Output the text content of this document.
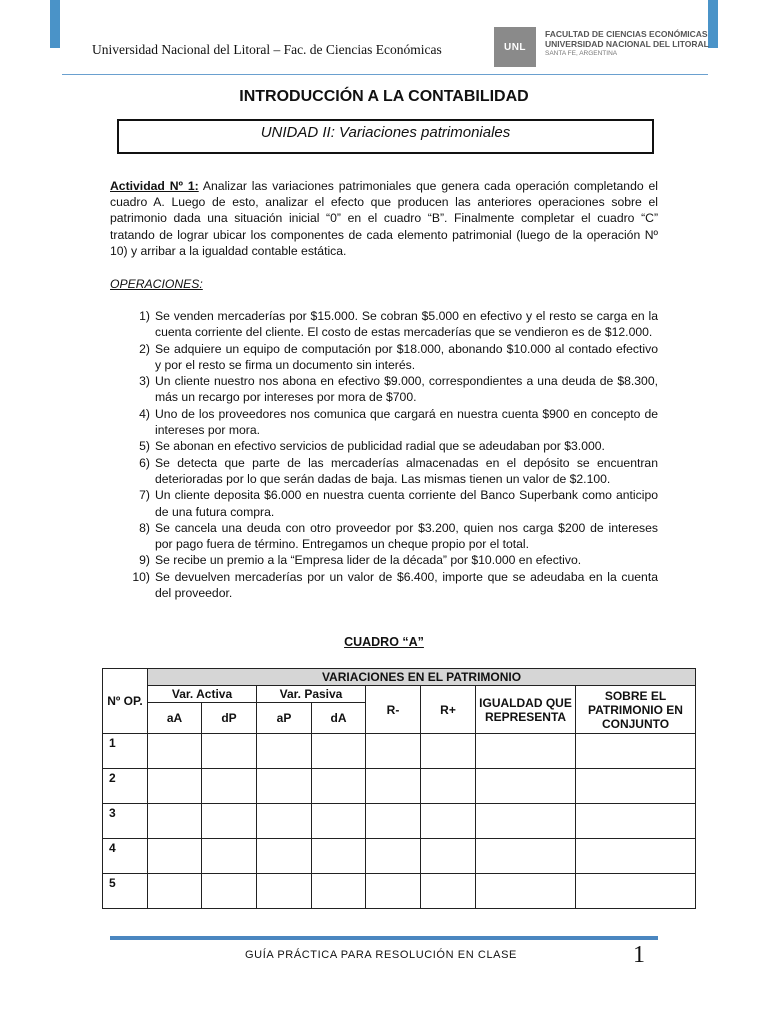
Universidad Nacional del Litoral – Fac. de Ciencias Económicas	UNL
FACULTAD DE CIENCIAS ECONÓMICAS
UNIVERSIDAD NACIONAL DEL LITORAL
SANTA FE, ARGENTINA
INTRODUCCIÓN A LA CONTABILIDAD
UNIDAD II: Variaciones patrimoniales
Actividad Nº 1: Analizar las variaciones patrimoniales que genera cada operación completando el cuadro A. Luego de esto, analizar el efecto que producen las anteriores operaciones sobre el patrimonio dada una situación inicial “0” en el cuadro “B”. Finalmente completar el cuadro “C” tratando de lograr ubicar los componentes de cada elemento patrimonial (luego de la operación Nº 10) y arribar a la igualdad contable estática.
OPERACIONES:
1) Se venden mercaderías por $15.000. Se cobran $5.000 en efectivo y el resto se carga en la cuenta corriente del cliente. El costo de estas mercaderías que se vendieron es de $12.000.
2) Se adquiere un equipo de computación por $18.000, abonando $10.000 al contado efectivo y por el resto se firma un documento sin interés.
3) Un cliente nuestro nos abona en efectivo $9.000, correspondientes a una deuda de $8.300, más un recargo por intereses por mora de $700.
4) Uno de los proveedores nos comunica que cargará en nuestra cuenta $900 en concepto de intereses por mora.
5) Se abonan en efectivo servicios de publicidad radial que se adeudaban por $3.000.
6) Se detecta que parte de las mercaderías almacenadas en el depósito se encuentran deterioradas por lo que serán dadas de baja. Las mismas tienen un valor de $2.100.
7) Un cliente deposita $6.000 en nuestra cuenta corriente del Banco Superbank como anticipo de una futura compra.
8) Se cancela una deuda con otro proveedor por $3.200, quien nos carga $200 de intereses por pago fuera de término. Entregamos un cheque propio por el total.
9) Se recibe un premio a la “Empresa lider de la década” por $10.000 en efectivo.
10) Se devuelven mercaderías por un valor de $6.400, importe que se adeudaba en la cuenta del proveedor.
CUADRO “A”
Nº OP.	VARIACIONES EN EL PATRIMONIO							
	Var. Activa		Var. Pasiva		R-	R+	IGUALDAD QUE REPRESENTA	SOBRE EL PATRIMONIO EN CONJUNTO
	aA	dP	aP	dA				
1								
2								
3								
4								
5								
GUÍA PRÁCTICA PARA RESOLUCIÓN EN CLASE	1
